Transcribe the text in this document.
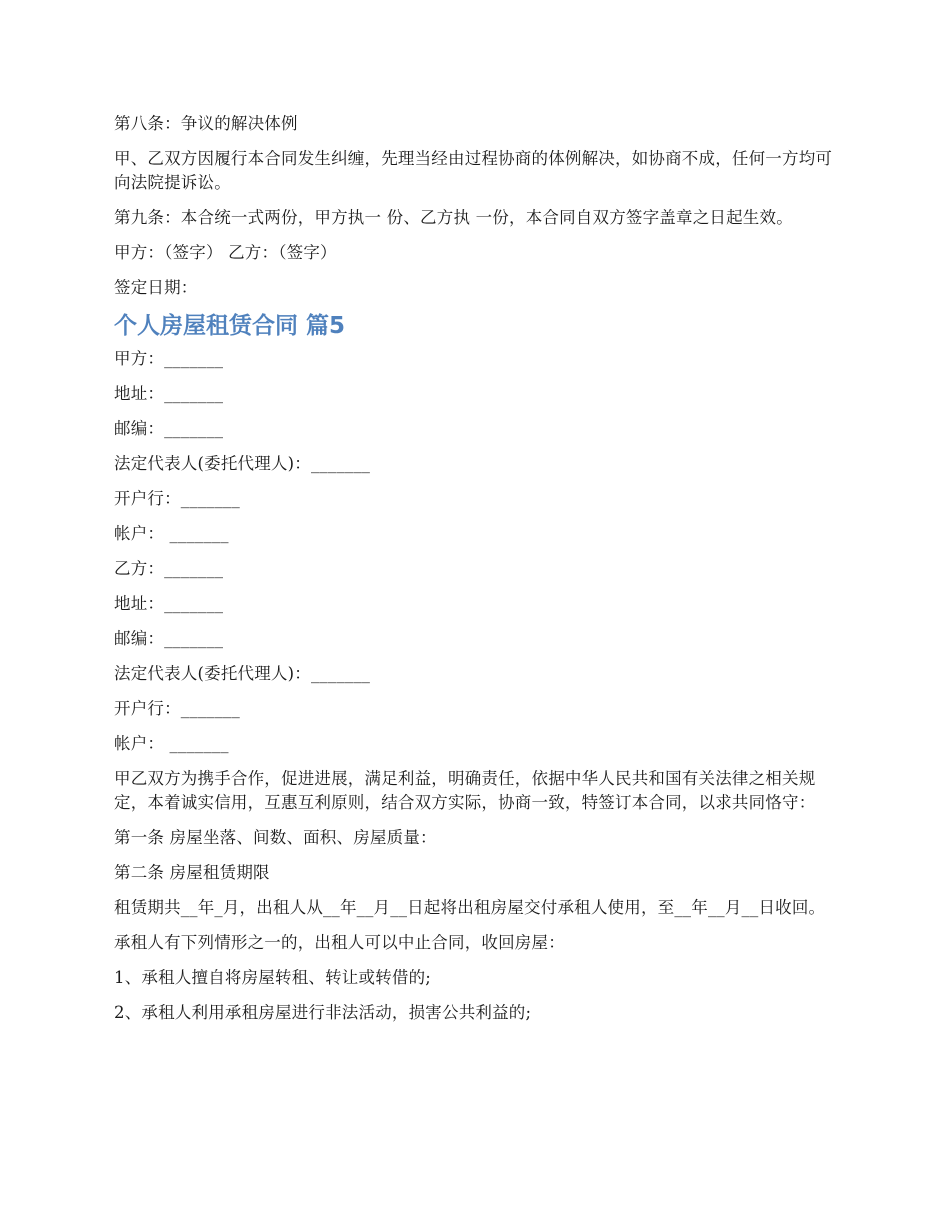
第八条：争议的解决体例

甲、乙双方因履行本合同发生纠缠，先理当经由过程协商的体例解决，如协商不成，任何一方均可向法院提诉讼。

第九条：本合统一式两份，甲方执一 份、乙方执 一份，本合同自双方签字盖章之日起生效。

甲方：（签字） 乙方：（签字）

签定日期：

个人房屋租赁合同 篇5

甲方：_______

地址：_______

邮编：_______

法定代表人(委托代理人)：_______

开户行：_______

帐户： _______

乙方：_______

地址：_______

邮编：_______

法定代表人(委托代理人)：_______

开户行：_______

帐户： _______

甲乙双方为携手合作，促进进展，满足利益，明确责任，依据中华人民共和国有关法律之相关规定，本着诚实信用，互惠互利原则，结合双方实际，协商一致，特签订本合同，以求共同恪守：

第一条 房屋坐落、间数、面积、房屋质量：

第二条 房屋租赁期限

租赁期共__年_月，出租人从__年__月__日起将出租房屋交付承租人使用，至__年__月__日收回。

承租人有下列情形之一的，出租人可以中止合同，收回房屋：

1、承租人擅自将房屋转租、转让或转借的;

2、承租人利用承租房屋进行非法活动，损害公共利益的;
